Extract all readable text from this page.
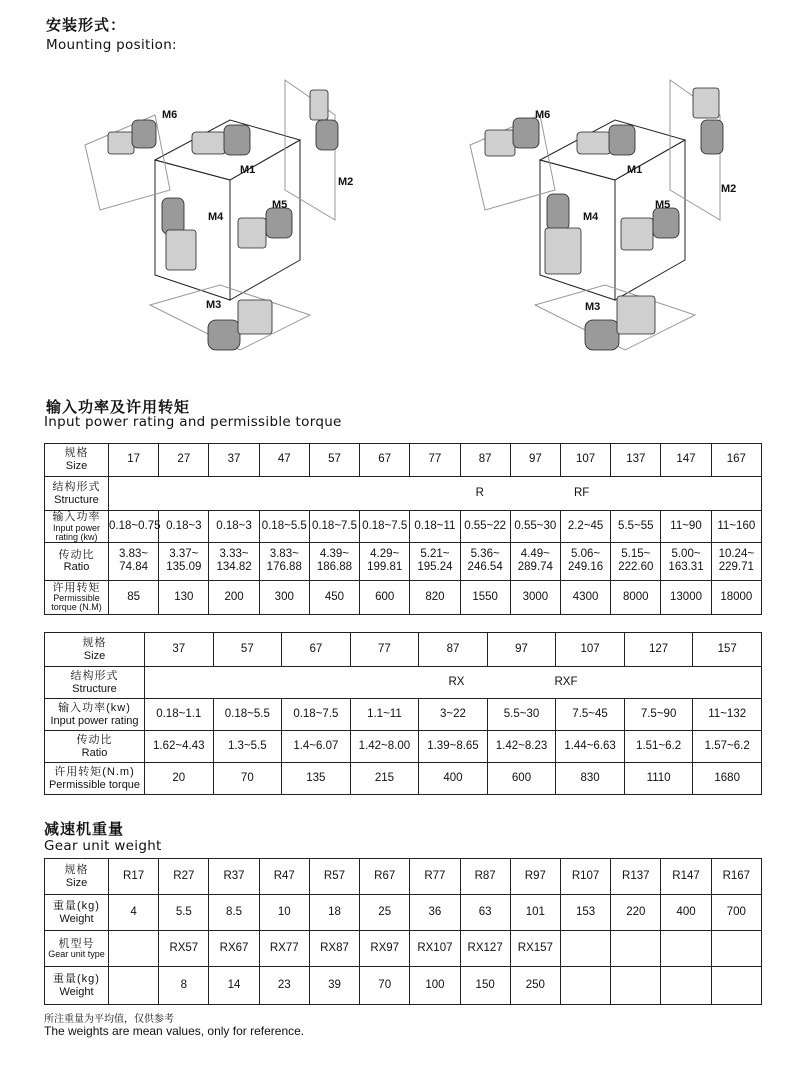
安装形式：
Mounting position:
M6
M1
M2
M4
M5
M3
M6
M1
M2
M4
M5
M3
输入功率及许用转矩
Input power rating and permissible torque
规格
Size	17	27	37	47	57	67	77	87	97	107	137	147	167

结构形式
Structure	R RF												

输入功率
Input power
rating (kw)	0.18~0.75	0.18~3	0.18~3	0.18~5.5	0.18~7.5	0.18~7.5	0.18~11	0.55~22	0.55~30	2.2~45	5.5~55	11~90	11~160

传动比
Ratio	3.83~
74.84	3.37~
135.09	3.33~
134.82	3.83~
176.88	4.39~
186.88	4.29~
199.81	5.21~
195.24	5.36~
246.54	4.49~
289.74	5.06~
249.16	5.15~
222.60	5.00~
163.31	10.24~
229.71

许用转矩
Permissible
torque (N.M)	85	130	200	300	450	600	820	1550	3000	4300	8000	13000	18000
规格
Size	37	57	67	77	87	97	107	127	157

结构形式
Structure	RX RXF								

输入功率(kw)
Input power rating	0.18~1.1	0.18~5.5	0.18~7.5	1.1~11	3~22	5.5~30	7.5~45	7.5~90	11~132

传动比
Ratio	1.62~4.43	1.3~5.5	1.4~6.07	1.42~8.00	1.39~8.65	1.42~8.23	1.44~6.63	1.51~6.2	1.57~6.2

许用转矩(N.m)
Permissible torque	20	70	135	215	400	600	830	1110	1680
减速机重量
Gear unit weight
规格
Size	R17	R27	R37	R47	R57	R67	R77	R87	R97	R107	R137	R147	R167

重量(kg)
Weight	4	5.5	8.5	10	18	25	36	63	101	153	220	400	700

机型号
Gear unit type		RX57	RX67	RX77	RX87	RX97	RX107	RX127	RX157				

重量(kg)
Weight		8	14	23	39	70	100	150	250				
所注重量为平均值，仅供参考
The weights are mean values, only for reference.
